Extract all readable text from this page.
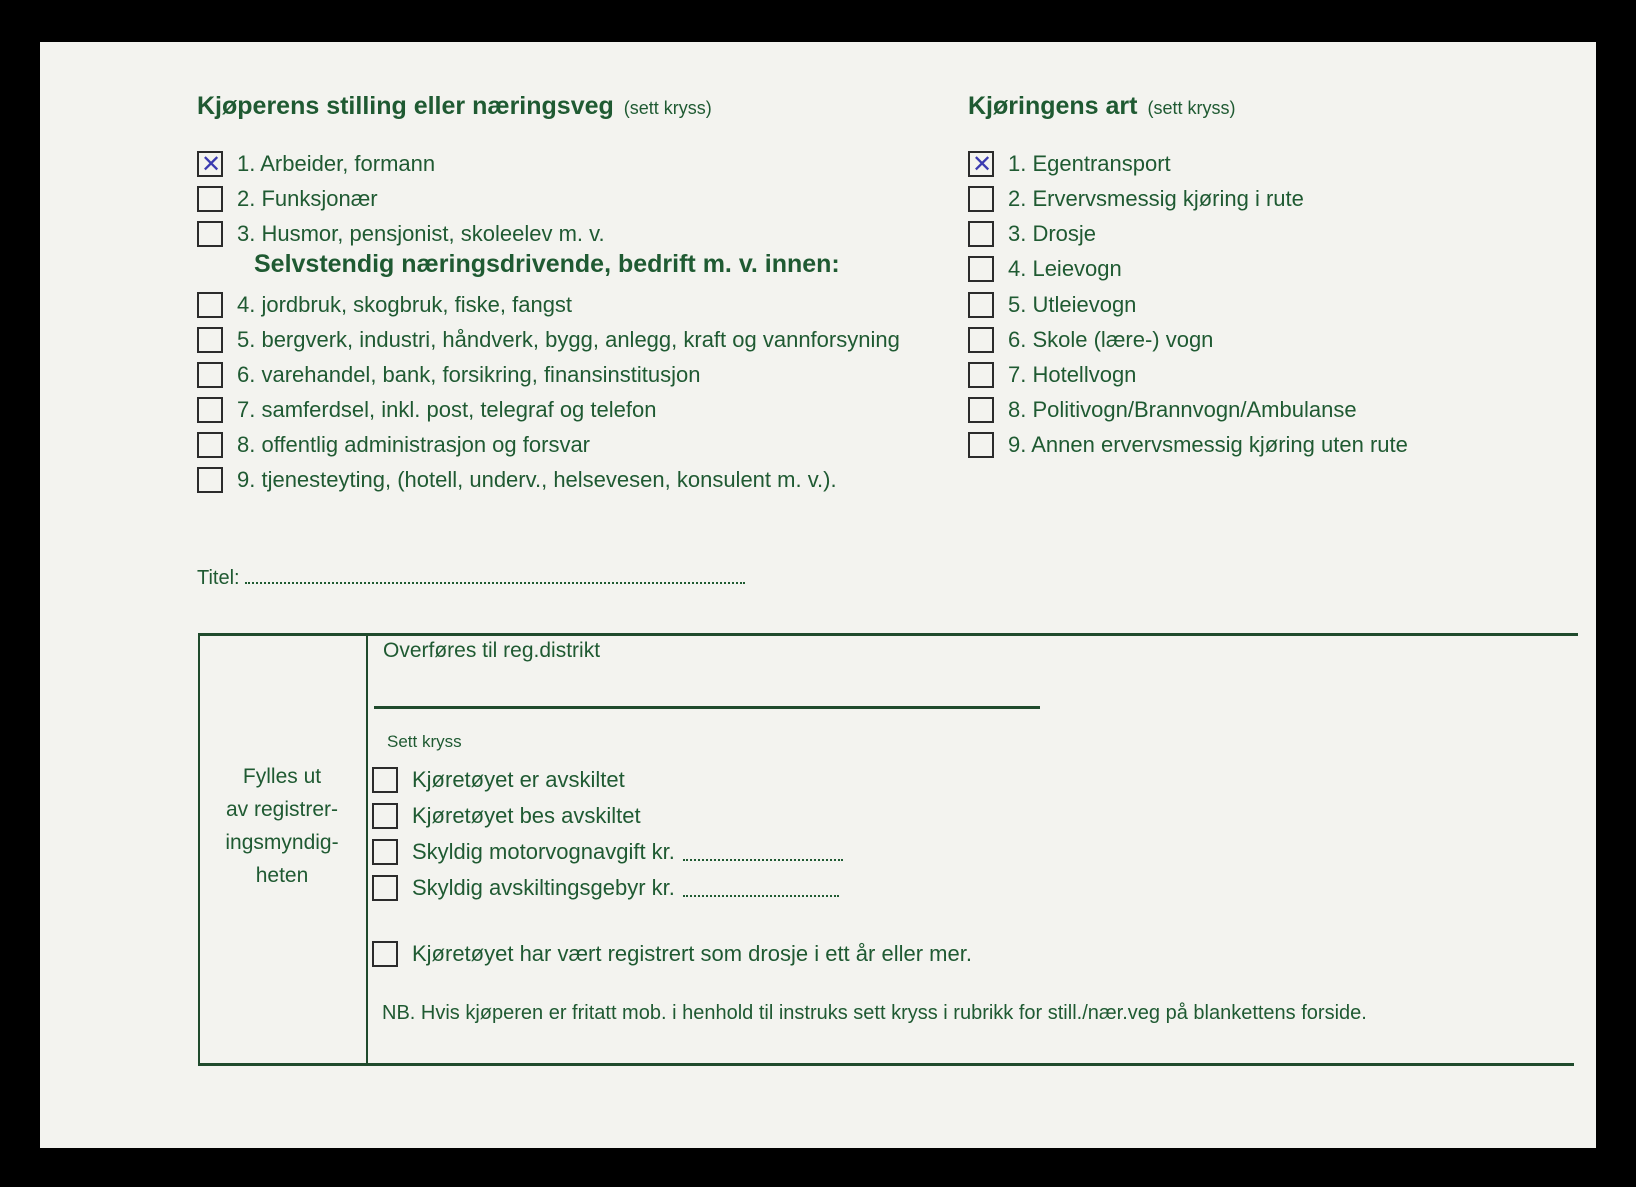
Kjøperens stilling eller næringsveg (sett kryss)	Kjøringens art (sett kryss)
✕
1. Arbeider, formann
2. Funksjonær
3. Husmor, pensjonist, skoleelev m. v.
Selvstendig næringsdrivende, bedrift m. v. innen:
4. jordbruk, skogbruk, fiske, fangst
5. bergverk, industri, håndverk, bygg, anlegg, kraft og vannforsyning
6. varehandel, bank, forsikring, finansinstitusjon
7. samferdsel, inkl. post, telegraf og telefon
8. offentlig administrasjon og forsvar
9. tjenesteyting, (hotell, underv., helsevesen, konsulent m. v.).
✕
1. Egentransport
2. Ervervsmessig kjøring i rute
3. Drosje
4. Leievogn
5. Utleievogn
6. Skole (lære-) vogn
7. Hotellvogn
8. Politivogn/Brannvogn/Ambulanse
9. Annen ervervsmessig kjøring uten rute
Titel:
Fylles ut
av registrer-
ingsmyndig-
heten
Overføres til reg.distrikt
Sett kryss
Kjøretøyet er avskiltet
Kjøretøyet bes avskiltet
Skyldig motorvognavgift kr.
Skyldig avskiltingsgebyr kr.
Kjøretøyet har vært registrert som drosje i ett år eller mer.
NB. Hvis kjøperen er fritatt mob. i henhold til instruks sett kryss i rubrikk for still./nær.veg på blankettens forside.
